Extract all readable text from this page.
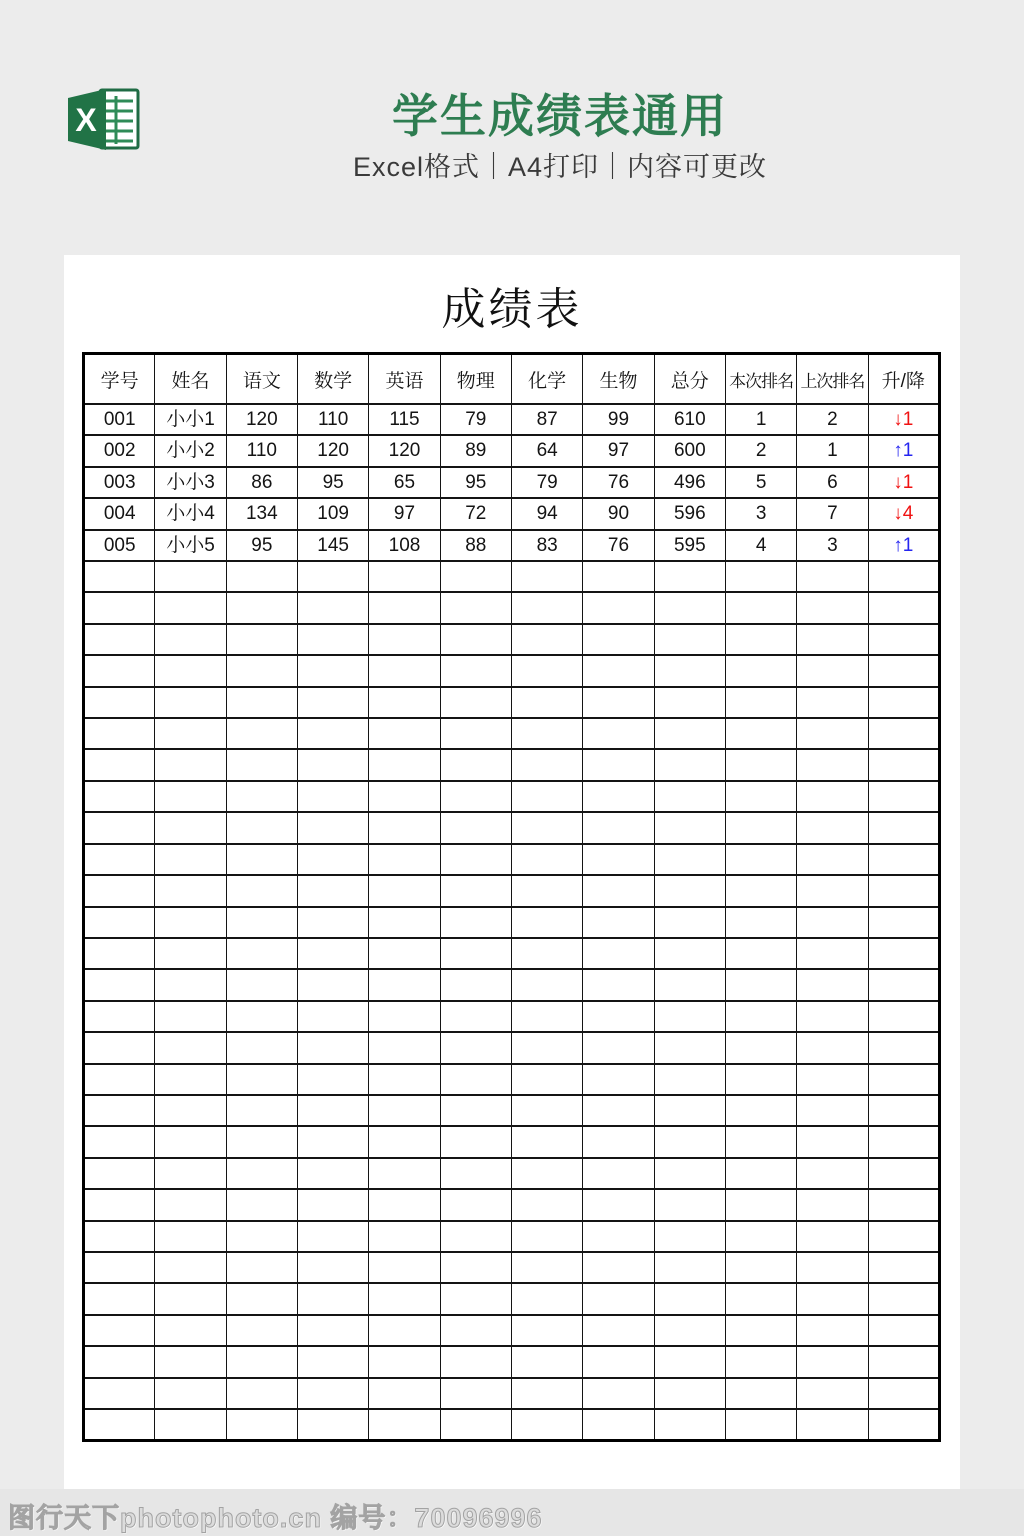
X	学生成绩表通用
Excel格式｜A4打印｜内容可更改
成绩表
学号	姓名	语文	数学	英语	物理	化学	生物	总分	本次排名	上次排名	升/降
001	小小1	120	110	115	79	87	99	610	1	2	↓1
002	小小2	110	120	120	89	64	97	600	2	1	↑1
003	小小3	86	95	65	95	79	76	496	5	6	↓1
004	小小4	134	109	97	72	94	90	596	3	7	↓4
005	小小5	95	145	108	88	83	76	595	4	3	↑1

图行天下photophoto.cn 编号：70096996
